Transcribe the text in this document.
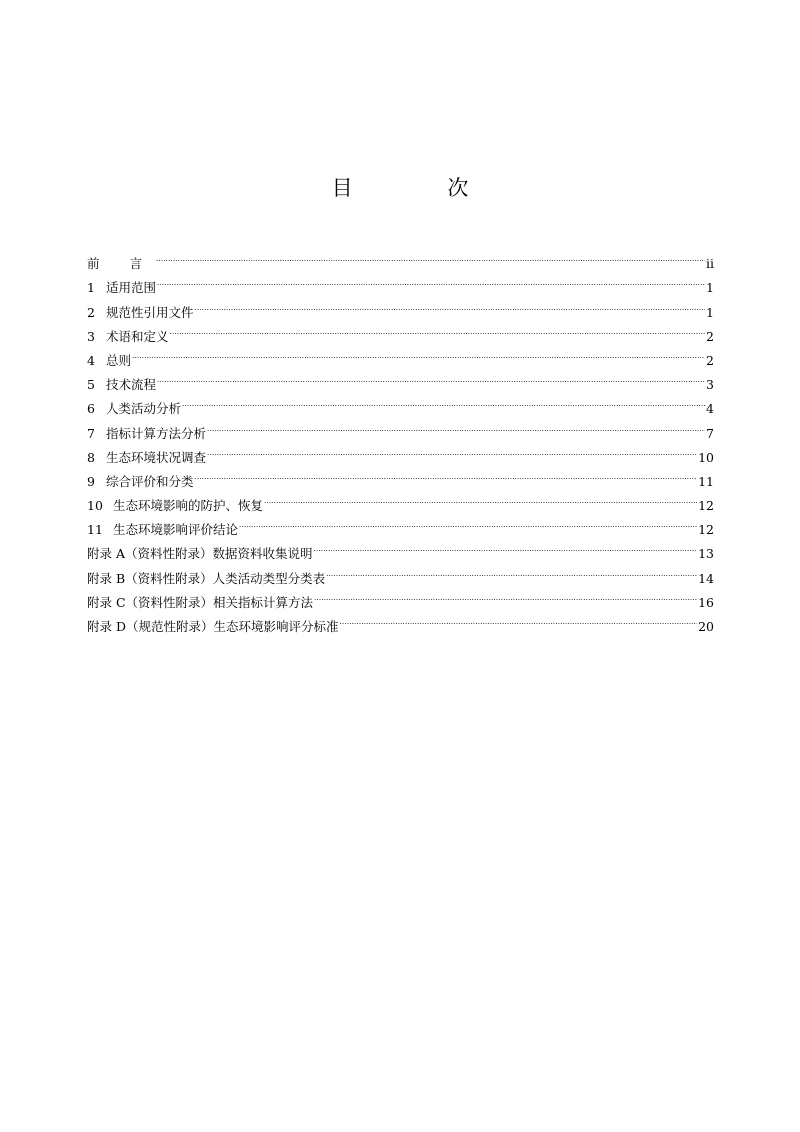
目 次
前 言 .....	ii
1 适用范围 .....	1
2 规范性引用文件 .....	1
3 术语和定义 .....	2
4 总则 .....	2
5 技术流程 .....	3
6 人类活动分析 .....	4
7 指标计算方法分析 .....	7
8 生态环境状况调查 .....	10
9 综合评价和分类 .....	11
10 生态环境影响的防护、恢复 .....	12
11 生态环境影响评价结论 .....	12
附录 A（资料性附录）数据资料收集说明 .....	13
附录 B（资料性附录）人类活动类型分类表 .....	14
附录 C（资料性附录）相关指标计算方法 .....	16
附录 D（规范性附录）生态环境影响评分标准 .....	20
